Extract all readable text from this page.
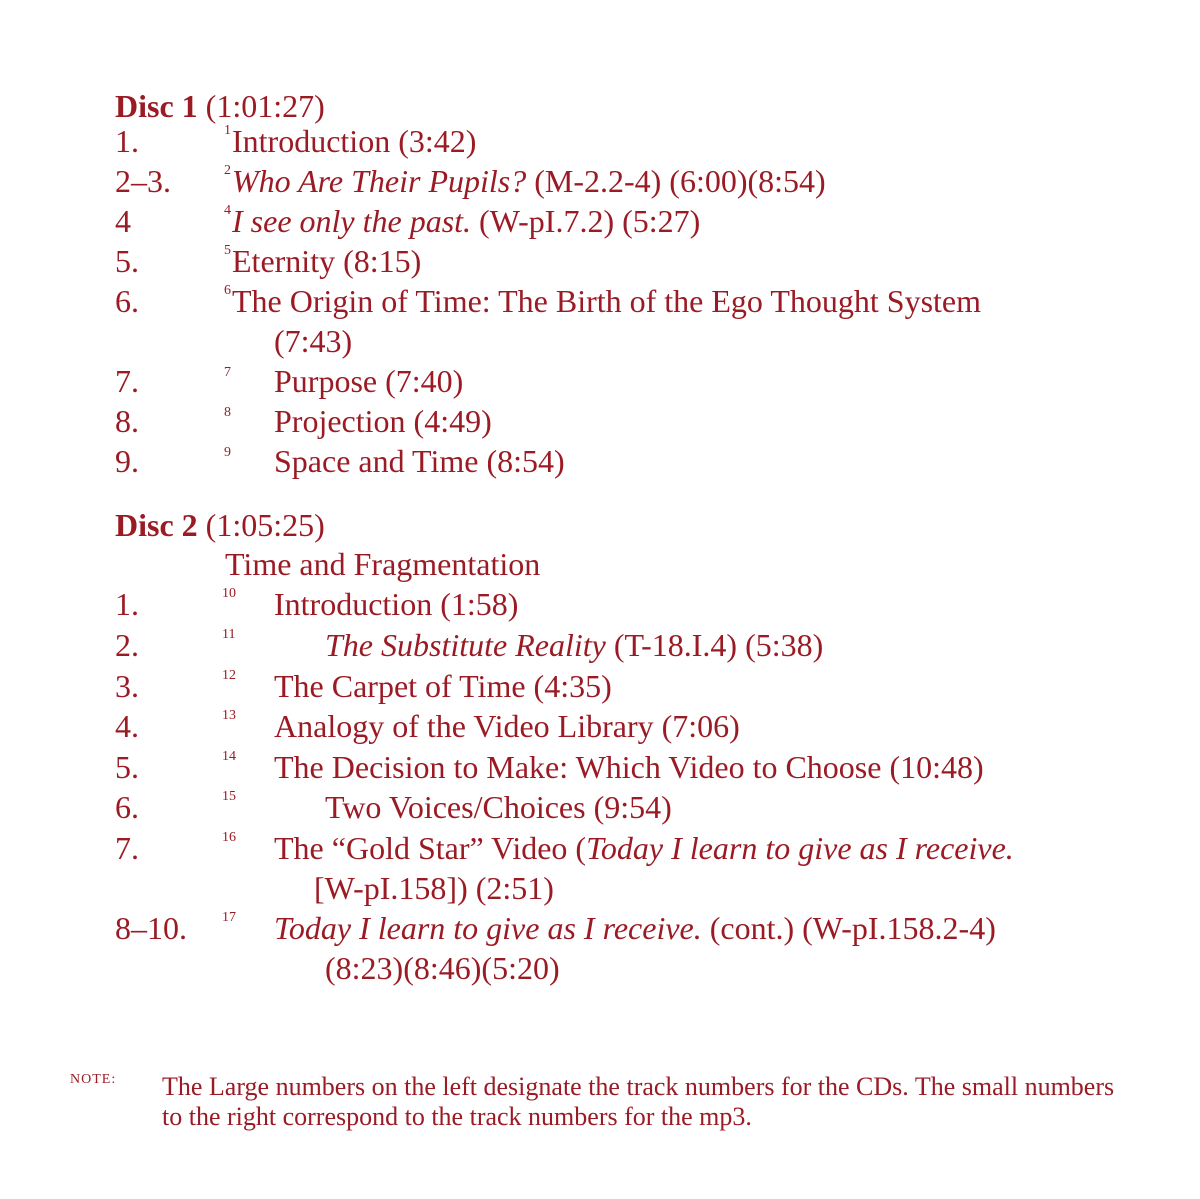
Disc 1 (1:01:27)
1.	1 Introduction (3:42)
2–3.	2 Who Are Their Pupils? (M-2.2-4) (6:00)(8:54)
4	4 I see only the past. (W-pI.7.2) (5:27)
5.	5 Eternity (8:15)
6.	6 The Origin of Time: The Birth of the Ego Thought System
(7:43)
7.	7 Purpose (7:40)
8.	8 Projection (4:49)
9.	9 Space and Time (8:54)
Disc 2 (1:05:25)
Time and Fragmentation
1.	10 Introduction (1:58)
2.	11	The Substitute Reality (T-18.I.4) (5:38)
3.	12 The Carpet of Time (4:35)
4.	13 Analogy of the Video Library (7:06)
5.	14 The Decision to Make: Which Video to Choose (10:48)
6.	15	Two Voices/Choices (9:54)
7.	16 The “Gold Star” Video (Today I learn to give as I receive.
[W-pI.158]) (2:51)
8–10.	17 Today I learn to give as I receive. (cont.) (W-pI.158.2-4)
(8:23)(8:46)(5:20)
NOTE: The Large numbers on the left designate the track numbers for the CDs. The small numbers to the right correspond to the track numbers for the mp3.
